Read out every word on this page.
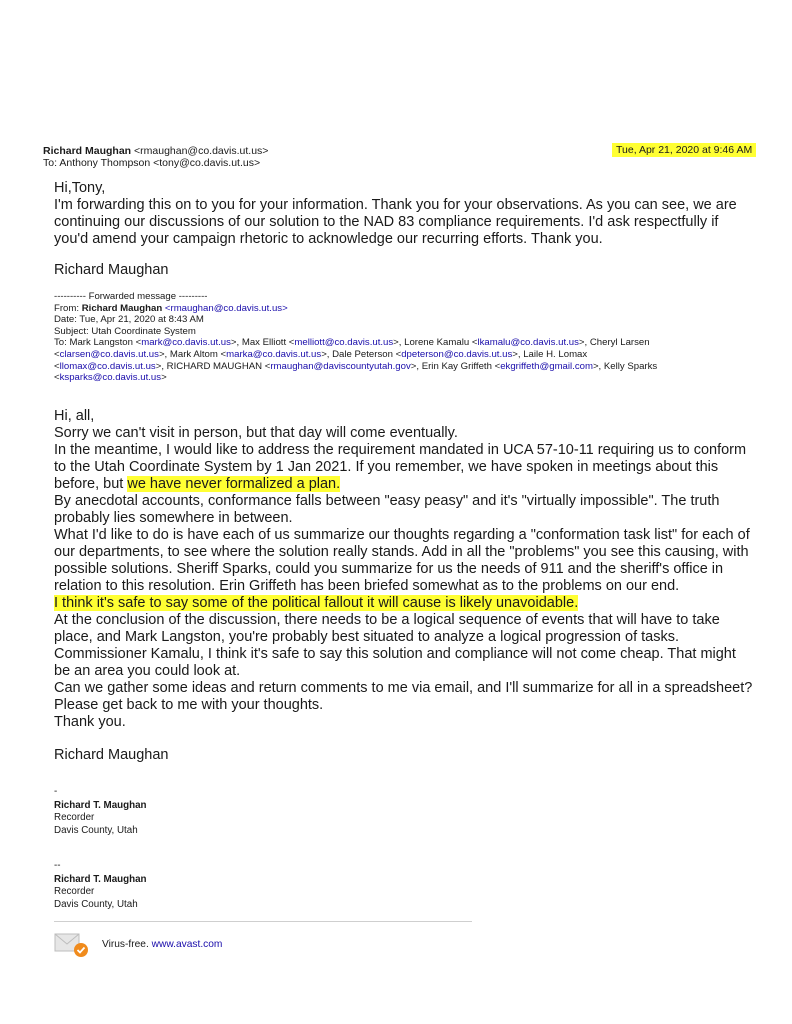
Richard Maughan <rmaughan@co.davis.ut.us>
To: Anthony Thompson <tony@co.davis.ut.us>
Tue, Apr 21, 2020 at 9:46 AM
Hi,Tony,
I'm forwarding this on to you for your information. Thank you for your observations. As you can see, we are
continuing our discussions of our solution to the NAD 83 compliance requirements. I'd ask respectfully if
you'd amend your campaign rhetoric to acknowledge our recurring efforts. Thank you.
Richard Maughan
---------- Forwarded message ---------
From: Richard Maughan <rmaughan@co.davis.ut.us>
Date: Tue, Apr 21, 2020 at 8:43 AM
Subject: Utah Coordinate System
To: Mark Langston <mark@co.davis.ut.us>, Max Elliott <melliott@co.davis.ut.us>, Lorene Kamalu <lkamalu@co.davis.ut.us>, Cheryl Larsen
<clarsen@co.davis.ut.us>, Mark Altom <marka@co.davis.ut.us>, Dale Peterson <dpeterson@co.davis.ut.us>, Laile H. Lomax
<llomax@co.davis.ut.us>, RICHARD MAUGHAN <rmaughan@daviscountyutah.gov>, Erin Kay Griffeth <ekgriffeth@gmail.com>, Kelly Sparks
<ksparks@co.davis.ut.us>
Hi, all,
Sorry we can't visit in person, but that day will come eventually.
In the meantime, I would like to address the requirement mandated in UCA 57-10-11 requiring us to conform
to the Utah Coordinate System by 1 Jan 2021. If you remember, we have spoken in meetings about this
before, but we have never formalized a plan.
By anecdotal accounts, conformance falls between "easy peasy" and it's "virtually impossible". The truth
probably lies somewhere in between.
What I'd like to do is have each of us summarize our thoughts regarding a "conformation task list" for each of
our departments, to see where the solution really stands. Add in all the "problems" you see this causing, with
possible solutions. Sheriff Sparks, could you summarize for us the needs of 911 and the sheriff's office in
relation to this resolution. Erin Griffeth has been briefed somewhat as to the problems on our end.
I think it's safe to say some of the political fallout it will cause is likely unavoidable.
At the conclusion of the discussion, there needs to be a logical sequence of events that will have to take
place, and Mark Langston, you're probably best situated to analyze a logical progression of tasks.
Commissioner Kamalu, I think it's safe to say this solution and compliance will not come cheap. That might
be an area you could look at.
Can we gather some ideas and return comments to me via email, and I'll summarize for all in a spreadsheet?
Please get back to me with your thoughts.
Thank you.
Richard Maughan
-
Richard T. Maughan
Recorder
Davis County, Utah
--
Richard T. Maughan
Recorder
Davis County, Utah
Virus-free. www.avast.com
